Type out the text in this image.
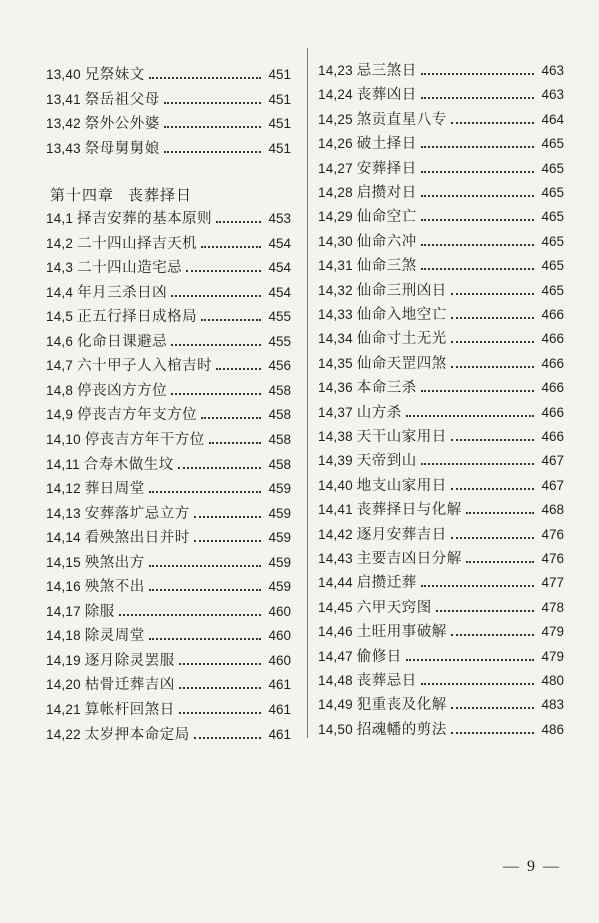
13,40 兄祭妹文	451
13,41 祭岳祖父母	451
13,42 祭外公外婆	451
13,43 祭母舅舅娘	451
14,1 择吉安葬的基本原则	453
14,2 二十四山择吉天机	454
14,3 二十四山造宅忌	454
14,4 年月三杀日凶	454
14,5 正五行择日成格局	455
14,6 化命日课避忌	455
14,7 六十甲子人入棺吉时	456
14,8 停丧凶方方位	458
14,9 停丧吉方年支方位	458
14,10 停丧吉方年干方位	458
14,11 合寿木做生坟	458
14,12 葬日周堂	459
14,13 安葬落圹忌立方	459
14,14 看殃煞出日并时	459
14,15 殃煞出方	459
14,16 殃煞不出	459
14,17 除服	460
14,18 除灵周堂	460
14,19 逐月除灵罢服	460
14,20 枯骨迁葬吉凶	461
14,21 算帐杆回煞日	461
14,22 太岁押本命定局	461
第十四章 丧葬择日
14,23 忌三煞日	463
14,24 丧葬凶日	463
14,25 煞贡直星八专	464
14,26 破土择日	465
14,27 安葬择日	465
14,28 启攒对日	465
14,29 仙命空亡	465
14,30 仙命六冲	465
14,31 仙命三煞	465
14,32 仙命三刑凶日	465
14,33 仙命入地空亡	466
14,34 仙命寸土无光	466
14,35 仙命天罡四煞	466
14,36 本命三杀	466
14,37 山方杀	466
14,38 天干山家用日	466
14,39 天帝到山	467
14,40 地支山家用日	467
14,41 丧葬择日与化解	468
14,42 逐月安葬吉日	476
14,43 主要吉凶日分解	476
14,44 启攒迁葬	477
14,45 六甲天窍图	478
14,46 土旺用事破解	479
14,47 偷修日	479
14,48 丧葬忌日	480
14,49 犯重丧及化解	483
14,50 招魂幡的剪法	486
— 9 —
